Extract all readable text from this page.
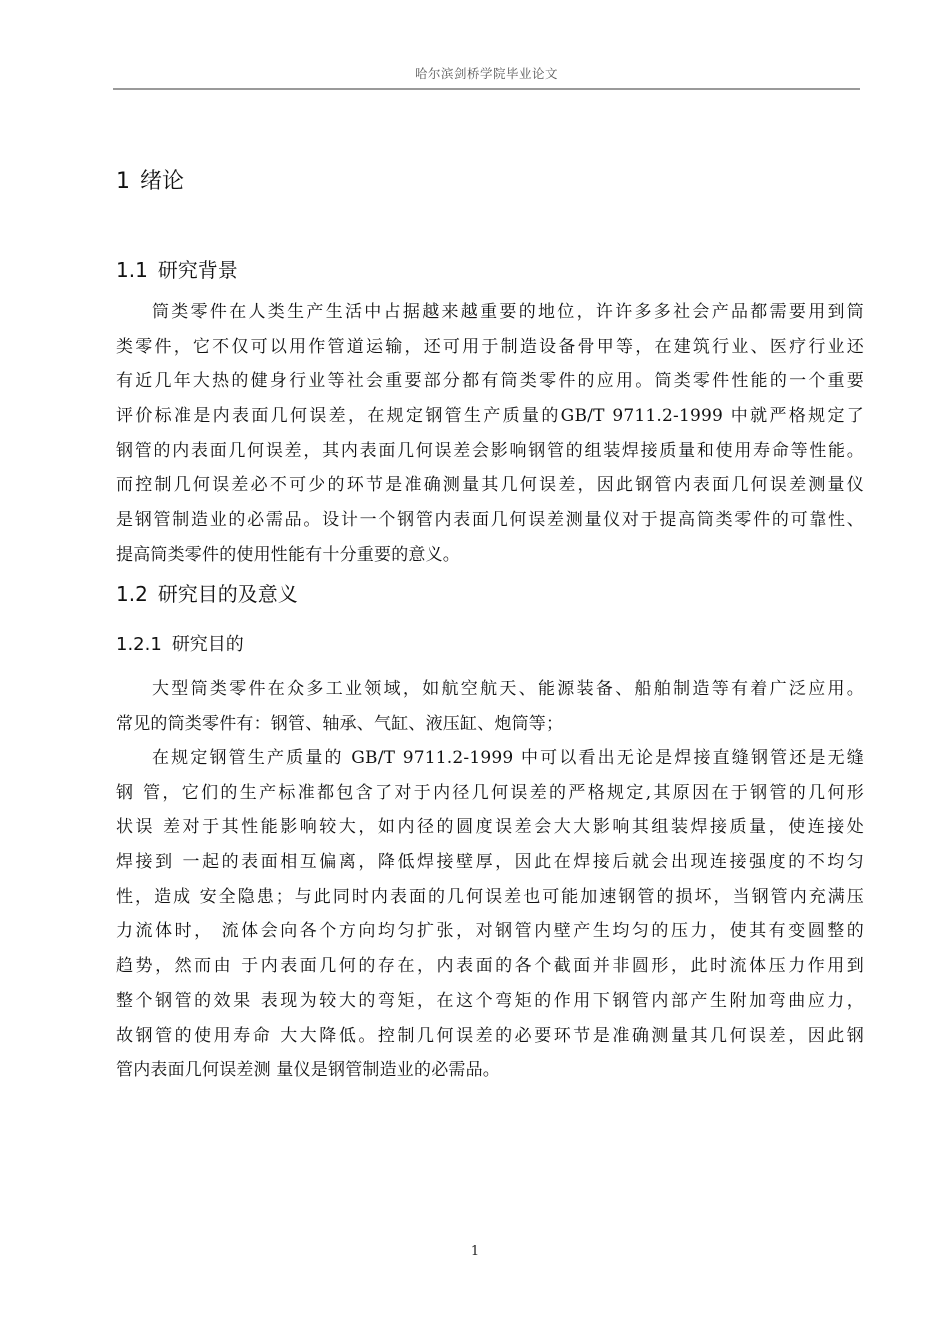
哈尔滨剑桥学院毕业论文
1 绪论
1.1 研究背景
筒类零件在人类生产生活中占据越来越重要的地位，许许多多社会产品都需要用到筒
类零件，它不仅可以用作管道运输，还可用于制造设备骨甲等，在建筑行业、医疗行业还
有近几年大热的健身行业等社会重要部分都有筒类零件的应用。筒类零件性能的一个重要
评价标准是内表面几何误差，在规定钢管生产质量的GB/T 9711.2-1999 中就严格规定了
钢管的内表面几何误差，其内表面几何误差会影响钢管的组装焊接质量和使用寿命等性能。
而控制几何误差必不可少的环节是准确测量其几何误差，因此钢管内表面几何误差测量仪
是钢管制造业的必需品。设计一个钢管内表面几何误差测量仪对于提高筒类零件的可靠性、
提高筒类零件的使用性能有十分重要的意义。
1.2 研究目的及意义
1.2.1 研究目的
大型筒类零件在众多工业领域，如航空航天、能源装备、船舶制造等有着广泛应用。
常见的筒类零件有：钢管、轴承、气缸、液压缸、炮筒等；
在规定钢管生产质量的 GB/T 9711.2-1999 中可以看出无论是焊接直缝钢管还是无缝
钢 管，它们的生产标准都包含了对于内径几何误差的严格规定,其原因在于钢管的几何形
状误 差对于其性能影响较大，如内径的圆度误差会大大影响其组装焊接质量，使连接处
焊接到 一起的表面相互偏离，降低焊接壁厚，因此在焊接后就会出现连接强度的不均匀
性，造成 安全隐患；与此同时内表面的几何误差也可能加速钢管的损坏，当钢管内充满压
力流体时， 流体会向各个方向均匀扩张，对钢管内壁产生均匀的压力，使其有变圆整的
趋势，然而由 于内表面几何的存在，内表面的各个截面并非圆形，此时流体压力作用到
整个钢管的效果 表现为较大的弯矩，在这个弯矩的作用下钢管内部产生附加弯曲应力，
故钢管的使用寿命 大大降低。控制几何误差的必要环节是准确测量其几何误差，因此钢
管内表面几何误差测 量仪是钢管制造业的必需品。
1
